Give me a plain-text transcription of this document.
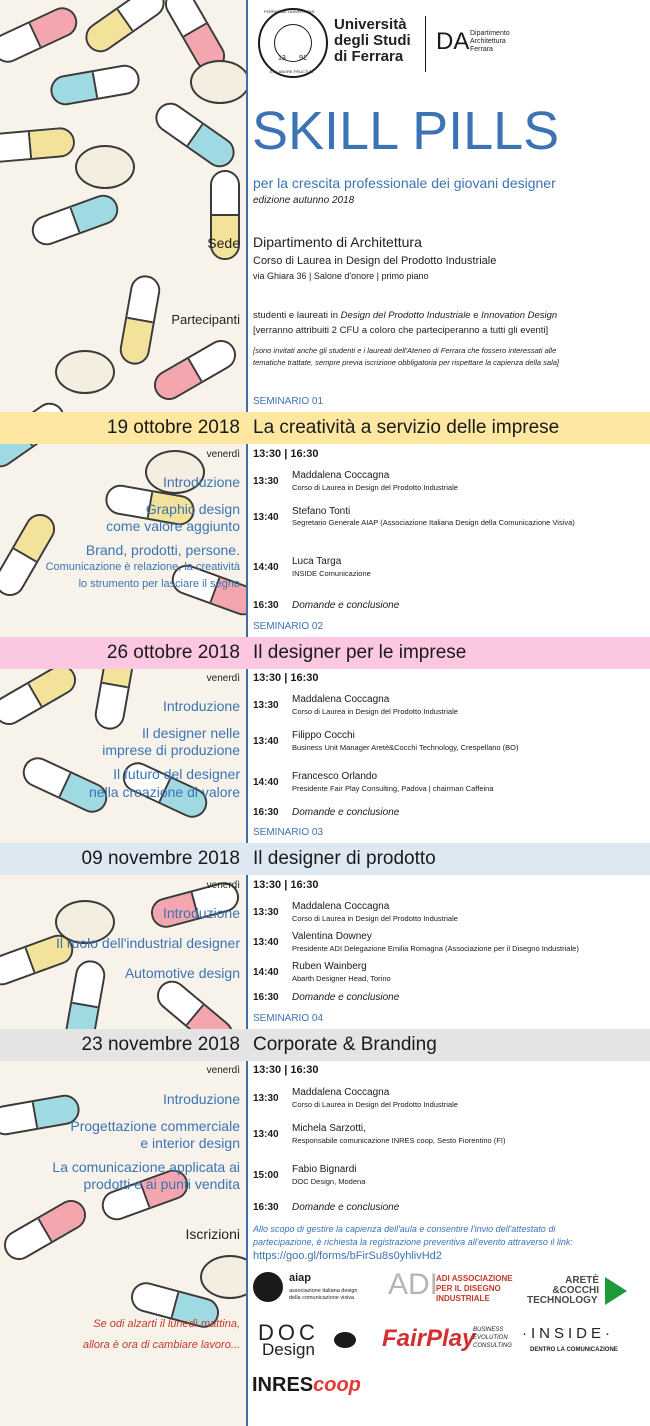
13 91
FERRARIAE UNIVERSITAS
EX LABORE FRUCTUS
Università
degli Studi
di Ferrara
DA Dipartimento
Architettura
Ferrara
SKILL PILLS
per la crescita professionale dei giovani designer
edizione autunno 2018
Sede Dipartimento di Architettura
Corso di Laurea in Design del Prodotto Industriale
via Ghiara 36 | Salone d'onore | primo piano
Partecipanti studenti e laureati in Design del Prodotto Industriale e Innovation Design
[verranno attribuiti 2 CFU a coloro che parteciperanno a tutti gli eventi]
[sono invitati anche gli studenti e i laureati dell'Ateneo di Ferrara che fossero interessati alle
tematiche trattate, sempre previa iscrizione obbligatoria per rispettare la capienza della sala]
SEMINARIO 01
19 ottobre 2018 La creatività a servizio delle imprese
venerdì 13:30 | 16:30
Introduzione
Graphic design
come valore aggiunto
Brand, prodotti, persone.
Comunicazione è relazione, la creatività
lo strumento per lasciare il segno
13:30
Maddalena Coccagna
Corso di Laurea in Design del Prodotto Industriale
13:40
Stefano Tonti
Segretario Generale AIAP (Associazione Italiana Design della Comunicazione Visiva)
14:40
Luca Targa
INSIDE Comunicazione
16:30 Domande e conclusione
SEMINARIO 02
26 ottobre 2018 Il designer per le imprese
venerdì 13:30 | 16:30
Introduzione
Il designer nelle
imprese di produzione
Il futuro del designer
nella creazione di valore
13:30
Maddalena Coccagna
Corso di Laurea in Design del Prodotto Industriale
13:40
Filippo Cocchi
Business Unit Manager Aretè&Cocchi Technology, Crespellano (BO)
14:40
Francesco Orlando
Presidente Fair Play Consulting, Padova | chairman Caffeina
16:30 Domande e conclusione
SEMINARIO 03
09 novembre 2018 Il designer di prodotto
venerdì 13:30 | 16:30
Introduzione
Il ruolo dell'industrial designer
Automotive design
13:30
Maddalena Coccagna
Corso di Laurea in Design del Prodotto Industriale
13:40
Valentina Downey
Presidente ADI Delegazione Emilia Romagna (Associazione per il Disegno Industriale)
14:40
Ruben Wainberg
Abarth Designer Head, Torino
16:30 Domande e conclusione
SEMINARIO 04
23 novembre 2018 Corporate & Branding
venerdì 13:30 | 16:30
Introduzione
Progettazione commerciale
e interior design
La comunicazione applicata ai
prodotti e ai punti vendita
13:30
Maddalena Coccagna
Corso di Laurea in Design del Prodotto Industriale
13:40
Michela Sarzotti,
Responsabile comunicazione INRES coop, Sesto Fiorentino (FI)
15:00
Fabio Bignardi
DOC Design, Modena
16:30 Domande e conclusione
Iscrizioni Allo scopo di gestire la capienza dell'aula e consentire l'invio dell'attestato di
partecipazione, è richiesta la registrazione preventiva all'evento attraverso il link:
https://goo.gl/forms/bFirSu8s0yhlivHd2
Se odi alzarti il lunedì mattina,
allora è ora di cambiare lavoro...
aiap
associazione italiana design
della comunicazione visiva ADI
ADI ASSOCIAZIONE
PER IL DISEGNO
INDUSTRIALE
ARETÈ
&COCCHI
TECHNOLOGY
DOC
Design	FairPlay
BUSINESS
EVOLUTION
CONSULTING
·INSIDE·
DENTRO LA COMUNICAZIONE
INREScoop
